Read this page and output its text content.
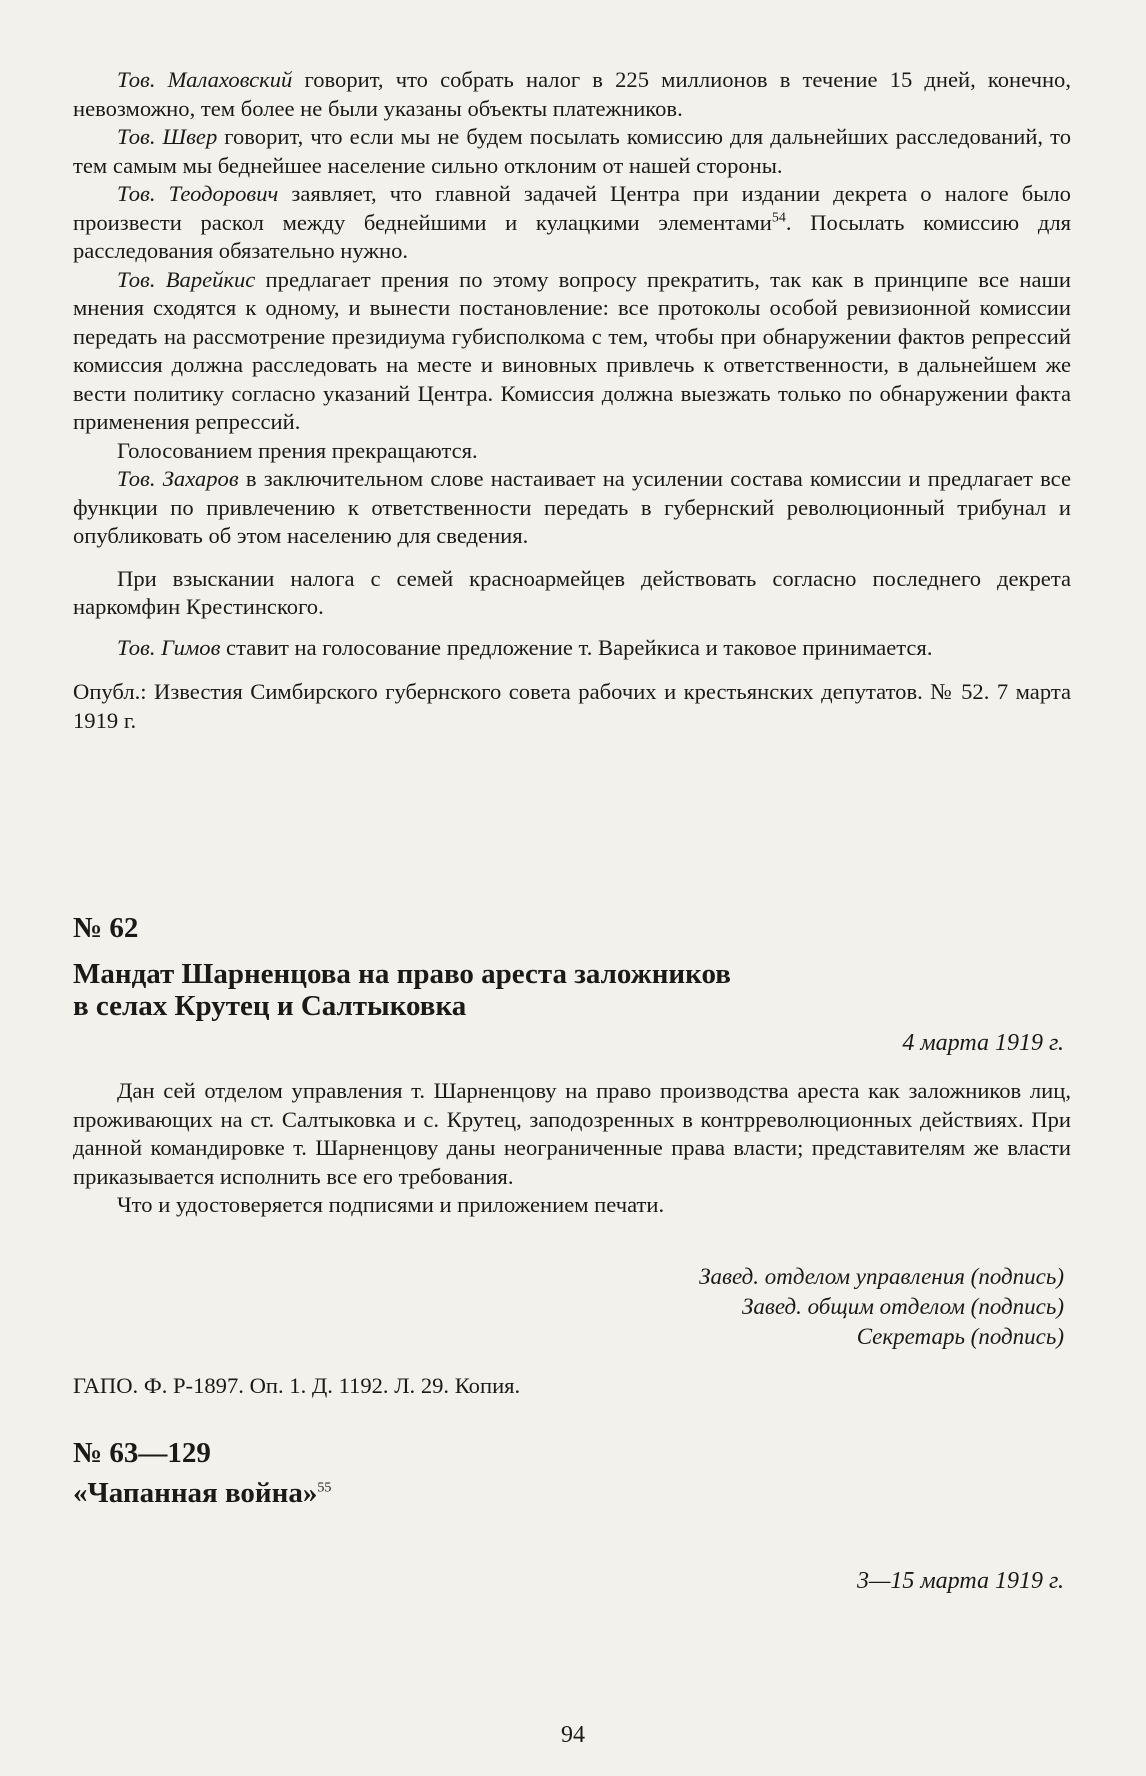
Тов. Малаховский говорит, что собрать налог в 225 миллионов в течение 15 дней, конечно, невозможно, тем более не были указаны объекты платежников.

Тов. Швер говорит, что если мы не будем посылать комиссию для дальнейших расследований, то тем самым мы беднейшее население сильно отклоним от нашей стороны.

Тов. Теодорович заявляет, что главной задачей Центра при издании декрета о налоге было произвести раскол между беднейшими и кулацкими элементами$^{54}$. Посылать комиссию для расследования обязательно нужно.

Тов. Варейкис предлагает прения по этому вопросу прекратить, так как в принципе все наши мнения сходятся к одному, и вынести постановление: все протоколы особой ревизионной комиссии передать на рассмотрение президиума губисполкома с тем, чтобы при обнаружении фактов репрессий комиссия должна расследовать на месте и виновных привлечь к ответственности, в дальнейшем же вести политику согласно указаний Центра. Комиссия должна выезжать только по обнаружении факта применения репрессий.

Голосованием прения прекращаются.

Тов. Захаров в заключительном слове настаивает на усилении состава комиссии и предлагает все функции по привлечению к ответственности передать в губернский революционный трибунал и опубликовать об этом населению для сведения.

При взыскании налога с семей красноармейцев действовать согласно последнего декрета наркомфин Крестинского.

Тов. Гимов ставит на голосование предложение т. Варейкиса и таковое принимается.

Опубл.: Известия Симбирского губернского совета рабочих и крестьянских депутатов. № 52. 7 марта 1919 г.

№ 62
Мандат Шарненцова на право ареста заложников
в селах Крутец и Салтыковка
4 марта 1919 г.

Дан сей отделом управления т. Шарненцову на право производства ареста как заложников лиц, проживающих на ст. Салтыковка и с. Крутец, заподозренных в контрреволюционных действиях. При данной командировке т. Шарненцову даны неограниченные права власти; представителям же власти приказывается исполнить все его требования.

Что и удостоверяется подписями и приложением печати.

Завед. отделом управления (подпись)
Завед. общим отделом (подпись)
Секретарь (подпись)
ГАПО. Ф. Р-1897. Оп. 1. Д. 1192. Л. 29. Копия.
№ 63—129
«Чапанная война»$^{55}$
3—15 марта 1919 г.
94
